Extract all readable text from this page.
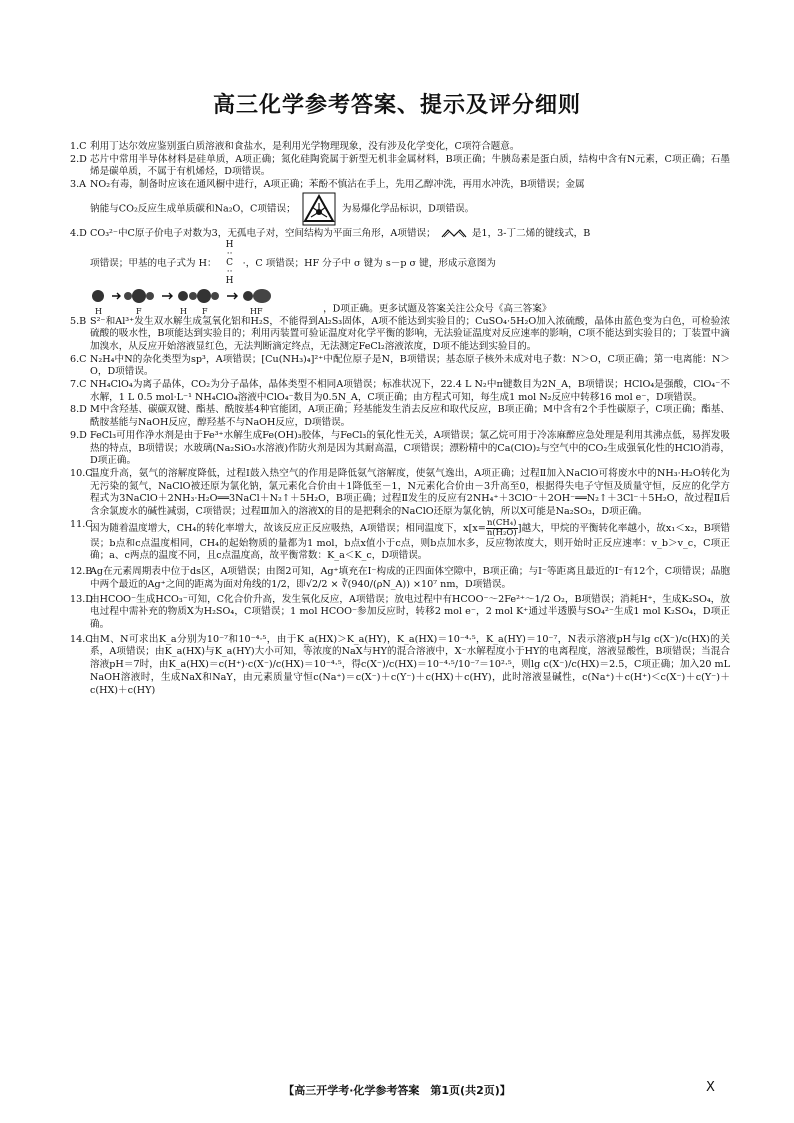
高三化学参考答案、提示及评分细则

1.C 利用丁达尔效应鉴别蛋白质溶液和食盐水，是利用光学物理现象，没有涉及化学变化，C项符合题意。

2.D 芯片中常用半导体材料是硅单质，A项正确；氮化硅陶瓷属于新型无机非金属材料，B项正确；牛胰岛素是蛋白质，结构中含有N元素，C项正确；石墨烯是碳单质，不属于有机烯烃，D项错误。

3.A NO₂有毒，制备时应该在通风橱中进行，A项正确；苯酚不慎沾在手上，先用乙醇冲洗，再用水冲洗，B项错误；金属
钠能与CO₂反应生成单质碳和Na₂O，C项错误；	为易爆化学品标识，D项错误。

4.D CO₃²⁻中C原子价电子对数为3，无孤电子对，空间结构为平面三角形，A项错误；	是1，3-丁二烯的键线式，B
项错误；甲基的电子式为 H：
H
··
C
··
H
·，C 项错误；HF 分子中 σ 键为 s－p σ 键，形成示意图为

H	F	H F	HF	，D项正确。更多试题及答案关注公众号《高三答案》

5.B S²⁻和Al³⁺发生双水解生成氢氧化铝和H₂S，不能得到Al₂S₃固体，A项不能达到实验目的；CuSO₄·5H₂O加入浓硫酸，晶体由蓝色变为白色，可检验浓硫酸的吸水性，B项能达到实验目的；利用丙装置可验证温度对化学平衡的影响，无法验证温度对反应速率的影响，C项不能达到实验目的；丁装置中滴加溴水，从反应开始溶液显红色，无法判断滴定终点，无法测定FeCl₂溶液浓度，D项不能达到实验目的。

6.C N₂H₄中N的杂化类型为sp³，A项错误；[Cu(NH₃)₄]²⁺中配位原子是N，B项错误；基态原子核外未成对电子数：N＞O，C项正确；第一电离能：N＞O，D项错误。

7.C NH₄ClO₄为离子晶体，CO₂为分子晶体，晶体类型不相同A项错误；标准状况下，22.4 L N₂中π键数目为2N_A，B项错误；HClO₄是强酸，ClO₄⁻不水解，1 L 0.5 mol·L⁻¹ NH₄ClO₄溶液中ClO₄⁻数目为0.5N_A，C项正确；由方程式可知，每生成1 mol N₂反应中转移16 mol e⁻，D项错误。

8.D M中含羟基、碳碳双键、酯基、酰胺基4种官能团，A项正确；羟基能发生消去反应和取代反应，B项正确；M中含有2个手性碳原子，C项正确；酯基、酰胺基能与NaOH反应，醇羟基不与NaOH反应，D项错误。

9.D FeCl₃可用作净水剂是由于Fe³⁺水解生成Fe(OH)₃胶体，与FeCl₃的氧化性无关，A项错误；氯乙烷可用于冷冻麻醉应急处理是利用其沸点低，易挥发吸热的特点，B项错误；水玻璃(Na₂SiO₃水溶液)作防火剂是因为其耐高温，C项错误；漂粉精中的Ca(ClO)₂与空气中的CO₂生成强氧化性的HClO消毒，D项正确。

10.C
温度升高，氨气的溶解度降低，过程Ⅰ鼓入热空气的作用是降低氨气溶解度，使氨气逸出，A项正确；过程Ⅱ加入NaClO可将废水中的NH₃·H₂O转化为无污染的氮气，NaClO被还原为氯化钠，氯元素化合价由＋1降低至－1，N元素化合价由－3升高至0，根据得失电子守恒及质量守恒，反应的化学方程式为3NaClO＋2NH₃·H₂O══3NaCl＋N₂↑＋5H₂O，B项正确；过程Ⅱ发生的反应有2NH₄⁺＋3ClO⁻＋2OH⁻══N₂↑＋3Cl⁻＋5H₂O，故过程Ⅱ后含余氯废水的碱性减弱，C项错误；过程Ⅲ加入的溶液X的目的是把剩余的NaClO还原为氯化钠，所以X可能是Na₂SO₃，D项正确。

11.C
因为随着温度增大，CH₄的转化率增大，故该反应正反应吸热，A项错误；相同温度下，$x[x= \frac{\text{n(CH₄)}}{\text{n(H₂O)}}$ ]越大，甲烷的平衡转化率越小，故x₁＜x₂，B项错误；b点和c点温度相同，CH₄的起始物质的量都为1 mol，b点x值小于c点，则b点加水多，反应物浓度大，则开始时正反应速率：v_b＞v_c，C项正确；a、c两点的温度不同，且c点温度高，故平衡常数：K_a＜K_c，D项错误。

12.B
Ag在元素周期表中位于ds区，A项错误；由图2可知，Ag⁺填充在I⁻构成的正四面体空隙中，B项正确；与I⁻等距离且最近的I⁻有12个，C项错误；晶胞中两个最近的Ag⁺之间的距离为面对角线的1/2，即√2/2 × ∛(940/(ρN_A)) ×10⁷ nm，D项错误。

13.D
由HCOO⁻生成HCO₃⁻可知，C化合价升高，发生氧化反应，A项错误；放电过程中有HCOO⁻～2Fe²⁺～1/2 O₂，B项错误；消耗H⁺，生成K₂SO₄，放电过程中需补充的物质X为H₂SO₄，C项错误；1 mol HCOO⁻参加反应时，转移2 mol e⁻，2 mol K⁺通过半透膜与SO₄²⁻生成1 mol K₂SO₄，D项正确。

14.C
由M、N可求出K_a分别为10⁻⁷和10⁻⁴·⁵，由于K_a(HX)＞K_a(HY)，K_a(HX)＝10⁻⁴·⁵，K_a(HY)＝10⁻⁷，N表示溶液pH与lg c(X⁻)/c(HX)的关系，A项错误；由K_a(HX)与K_a(HY)大小可知，等浓度的NaX与HY的混合溶液中，X⁻水解程度小于HY的电离程度，溶液显酸性，B项错误；当混合溶液pH＝7时，由K_a(HX)＝c(H⁺)·c(X⁻)/c(HX)＝10⁻⁴·⁵，得c(X⁻)/c(HX)＝10⁻⁴·⁵/10⁻⁷＝10²·⁵，则lg c(X⁻)/c(HX)＝2.5，C项正确；加入20 mL NaOH溶液时，生成NaX和NaY，由元素质量守恒c(Na⁺)＝c(X⁻)＋c(Y⁻)＋c(HX)＋c(HY)，此时溶液显碱性，c(Na⁺)＋c(H⁺)＜c(X⁻)＋c(Y⁻)＋c(HX)＋c(HY)

【高三开学考·化学参考答案　第1页(共2页)】	X
